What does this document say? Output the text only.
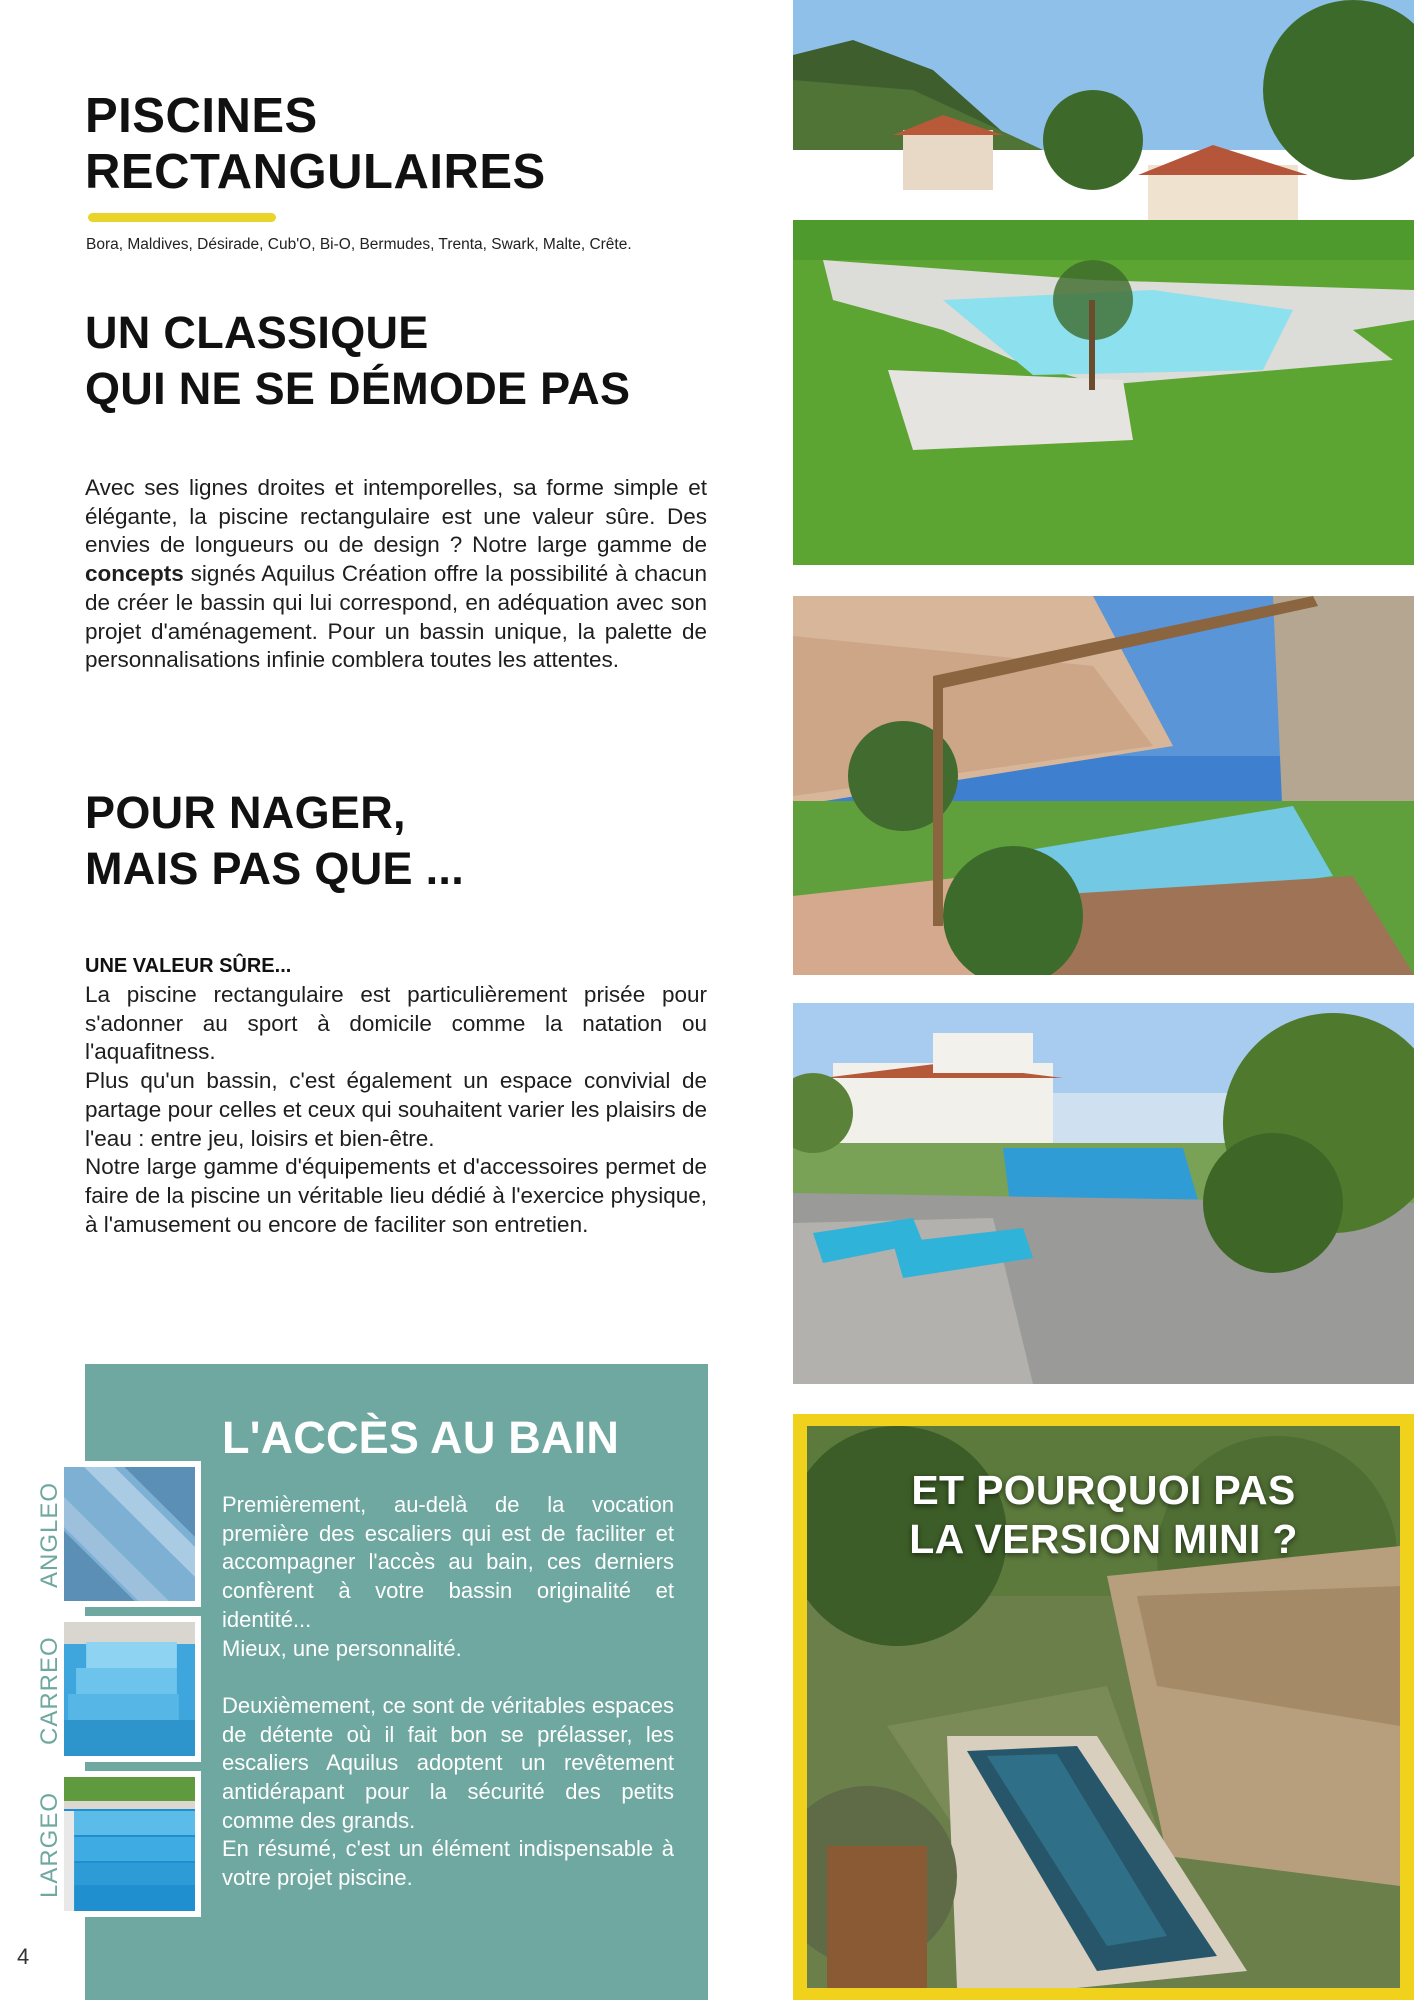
PISCINES
RECTANGULAIRES
Bora, Maldives, Désirade, Cub'O, Bi-O, Bermudes, Trenta, Swark, Malte, Crête.
UN CLASSIQUE
QUI NE SE DÉMODE PAS

Avec ses lignes droites et intemporelles, sa forme simple et élégante, la piscine rectangulaire est une valeur sûre. Des envies de longueurs ou de design ? Notre large gamme de concepts signés Aquilus Création offre la possibilité à chacun de créer le bassin qui lui correspond, en adéquation avec son projet d'aménagement. Pour un bassin unique, la palette de personnalisations infinie comblera toutes les attentes.

POUR NAGER,
MAIS PAS QUE ...
UNE VALEUR SÛRE...

La piscine rectangulaire est particulièrement prisée pour s'adonner au sport à domicile comme la natation ou l'aquafitness.

Plus qu'un bassin, c'est également un espace convivial de partage pour celles et ceux qui souhaitent varier les plaisirs de l'eau : entre jeu, loisirs et bien-être.

Notre large gamme d'équipements et d'accessoires permet de faire de la piscine un véritable lieu dédié à l'exercice physique, à l'amusement ou encore de faciliter son entretien.

L'ACCÈS AU BAIN

Premièrement, au-delà de la vocation première des escaliers qui est de faciliter et accompagner l'accès au bain, ces derniers confèrent à votre bassin originalité et identité...

Mieux, une personnalité.

Deuxièmement, ce sont de véritables espaces de détente où il fait bon se prélasser, les escaliers Aquilus adoptent un revêtement antidérapant pour la sécurité des petits comme des grands.

En résumé, c'est un élément indispensable à votre projet piscine.

ANGLEO
CARREO
LARGEO
ET POURQUOI PAS
LA VERSION MINI ?
4
